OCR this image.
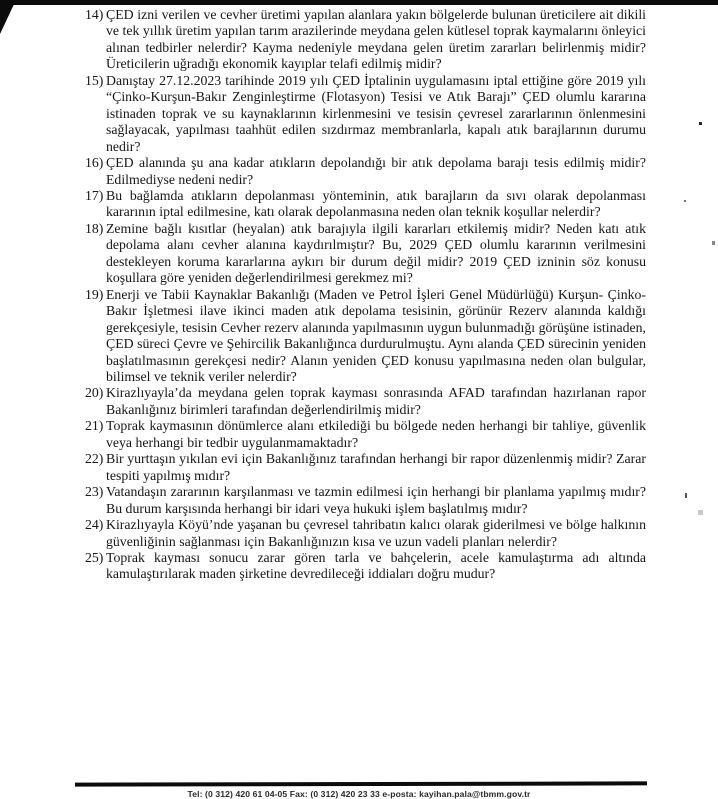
14) ÇED izni verilen ve cevher üretimi yapılan alanlara yakın bölgelerde bulunan üreticilere ait dikili ve tek yıllık üretim yapılan tarım arazilerinde meydana gelen kütlesel toprak kaymalarını önleyici alınan tedbirler nelerdir? Kayma nedeniyle meydana gelen üretim zararları belirlenmiş midir? Üreticilerin uğradığı ekonomik kayıplar telafi edilmiş midir?
15) Danıştay 27.12.2023 tarihinde 2019 yılı ÇED İptalinin uygulamasını iptal ettiğine göre 2019 yılı “Çinko-Kurşun-Bakır Zenginleştirme (Flotasyon) Tesisi ve Atık Barajı” ÇED olumlu kararına istinaden toprak ve su kaynaklarının kirlenmesini ve tesisin çevresel zararlarının önlenmesini sağlayacak, yapılması taahhüt edilen sızdırmaz membranlarla, kapalı atık barajlarının durumu nedir?
16) ÇED alanında şu ana kadar atıkların depolandığı bir atık depolama barajı tesis edilmiş midir? Edilmediyse nedeni nedir?
17) Bu bağlamda atıkların depolanması yönteminin, atık barajların da sıvı olarak depolanması kararının iptal edilmesine, katı olarak depolanmasına neden olan teknik koşullar nelerdir?
18) Zemine bağlı kısıtlar (heyalan) atık barajıyla ilgili kararları etkilemiş midir? Neden katı atık depolama alanı cevher alanına kaydırılmıştır? Bu, 2029 ÇED olumlu kararının verilmesini destekleyen koruma kararlarına aykırı bir durum değil midir? 2019 ÇED izninin söz konusu koşullara göre yeniden değerlendirilmesi gerekmez mi?
19) Enerji ve Tabii Kaynaklar Bakanlığı (Maden ve Petrol İşleri Genel Müdürlüğü) Kurşun- Çinko-Bakır İşletmesi ilave ikinci maden atık depolama tesisinin, görünür Rezerv alanında kaldığı gerekçesiyle, tesisin Cevher rezerv alanında yapılmasının uygun bulunmadığı görüşüne istinaden, ÇED süreci Çevre ve Şehircilik Bakanlığınca durdurulmuştu. Aynı alanda ÇED sürecinin yeniden başlatılmasının gerekçesi nedir? Alanın yeniden ÇED konusu yapılmasına neden olan bulgular, bilimsel ve teknik veriler nelerdir?
20) Kirazlıyayla’da meydana gelen toprak kayması sonrasında AFAD tarafından hazırlanan rapor Bakanlığınız birimleri tarafından değerlendirilmiş midir?
21) Toprak kaymasının dönümlerce alanı etkilediği bu bölgede neden herhangi bir tahliye, güvenlik veya herhangi bir tedbir uygulanmamaktadır?
22) Bir yurttaşın yıkılan evi için Bakanlığınız tarafından herhangi bir rapor düzenlenmiş midir? Zarar tespiti yapılmış mıdır?
23) Vatandaşın zararının karşılanması ve tazmin edilmesi için herhangi bir planlama yapılmış mıdır? Bu durum karşısında herhangi bir idari veya hukuki işlem başlatılmış mıdır?
24) Kirazlıyayla Köyü’nde yaşanan bu çevresel tahribatın kalıcı olarak giderilmesi ve bölge halkının güvenliğinin sağlanması için Bakanlığınızın kısa ve uzun vadeli planları nelerdir?
25) Toprak kayması sonucu zarar gören tarla ve bahçelerin, acele kamulaştırma adı altında kamulaştırılarak maden şirketine devredileceği iddiaları doğru mudur?
Tel: (0 312) 420 61 04-05 Fax: (0 312) 420 23 33 e-posta: kayihan.pala@tbmm.gov.tr
